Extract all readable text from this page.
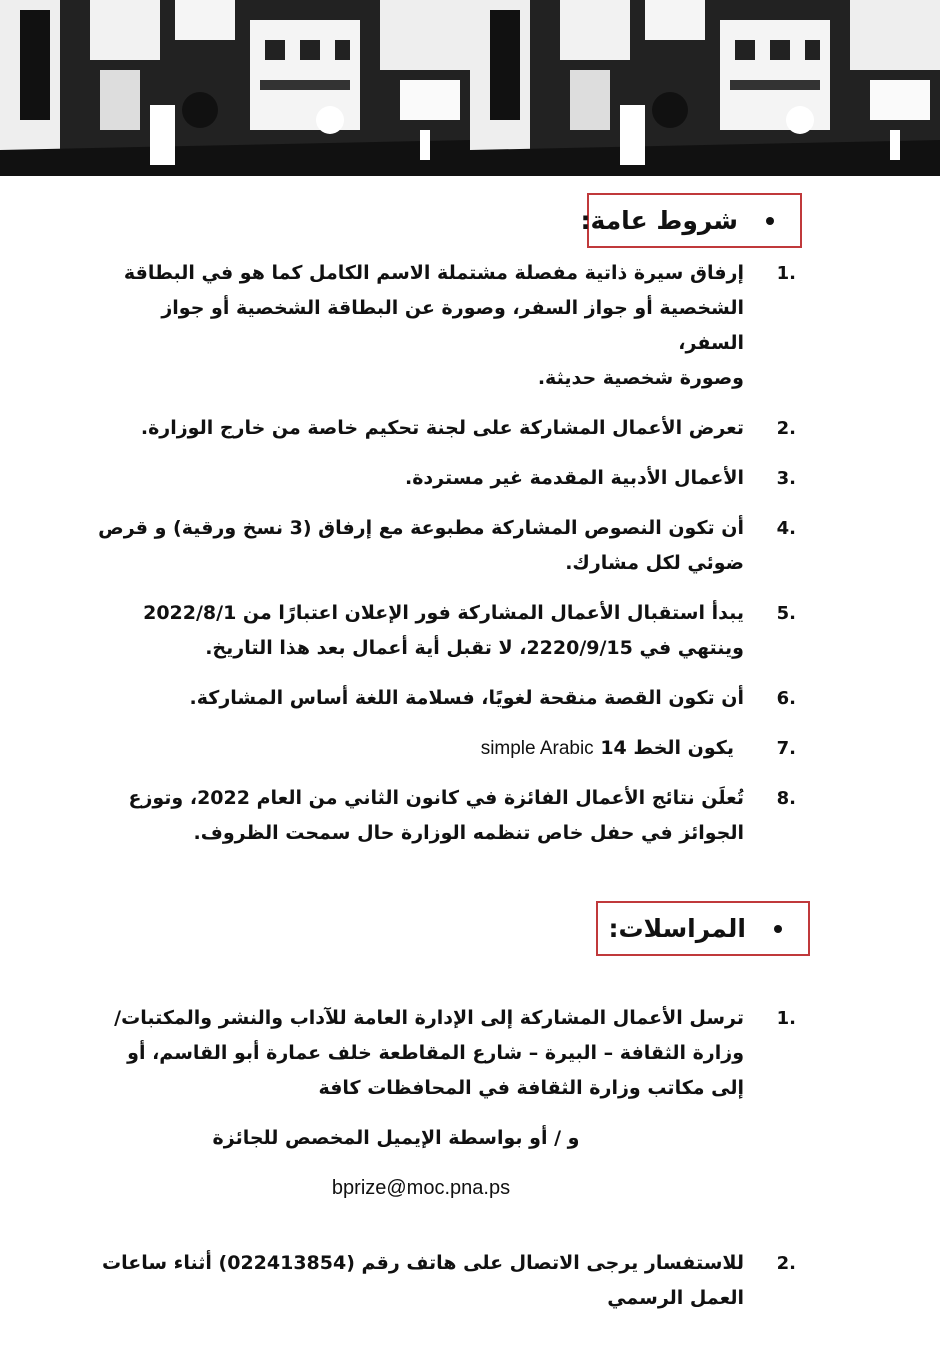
شروط عامة:
.1
إرفاق سيرة ذاتية مفصلة مشتملة الاسم الكامل كما هو في البطاقة
الشخصية أو جواز السفر، وصورة عن البطاقة الشخصية أو جواز السفر،
وصورة شخصية حديثة.
.2
تعرض الأعمال المشاركة على لجنة تحكيم خاصة من خارج الوزارة.
.3
الأعمال الأدبية المقدمة غير مستردة.
.4
أن تكون النصوص المشاركة مطبوعة مع إرفاق (3 نسخ ورقية) و قرص
ضوئي لكل مشارك.
.5
يبدأ استقبال الأعمال المشاركة فور الإعلان اعتبارًا من 2022/8/1
وينتهي في 2220/9/15، لا تقبل أية أعمال بعد هذا التاريخ.
.6
أن تكون القصة منقحة لغويًا، فسلامة اللغة أساس المشاركة.
.7
يكون الخط 14 simple Arabic
.8
تُعلَن نتائج الأعمال الفائزة في كانون الثاني من العام 2022، وتوزع
الجوائز في حفل خاص تنظمه الوزارة حال سمحت الظروف.
المراسلات:
.1
ترسل الأعمال المشاركة إلى الإدارة العامة للآداب والنشر والمكتبات/
وزارة الثقافة – البيرة – شارع المقاطعة خلف عمارة أبو القاسم، أو
إلى مكاتب وزارة الثقافة في المحافظات كافة
و / أو بواسطة الإيميل المخصص للجائزة
bprize@moc.pna.ps
.2
للاستفسار يرجى الاتصال على هاتف رقم (022413854) أثناء ساعات
العمل الرسمي
